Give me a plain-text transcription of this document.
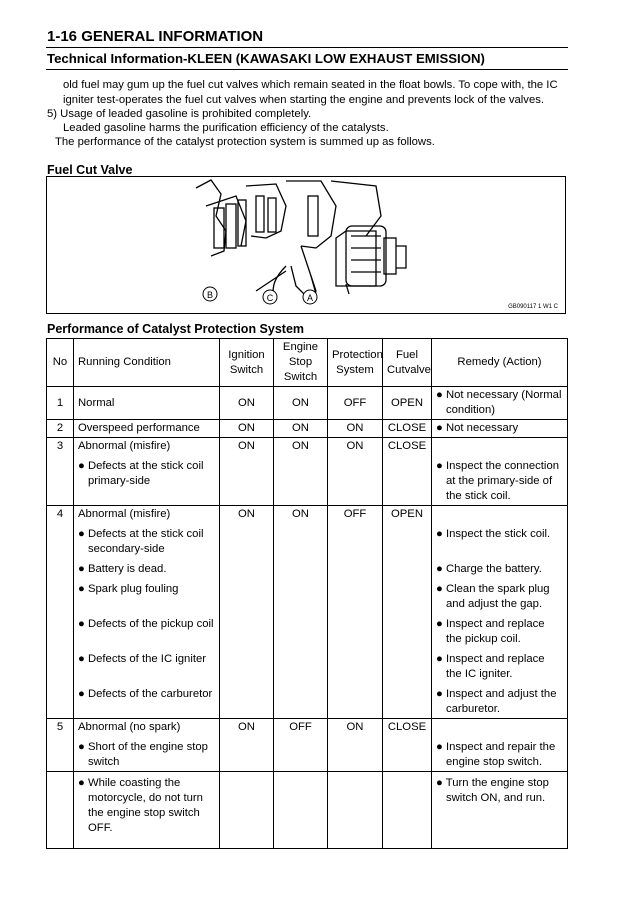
1-16 GENERAL INFORMATION
Technical Information-KLEEN (KAWASAKI LOW EXHAUST EMISSION)
old fuel may gum up the fuel cut valves which remain seated in the float bowls. To cope with, the IC
igniter test-operates the fuel cut valves when starting the engine and prevents lock of the valves.
5) Usage of leaded gasoline is prohibited completely.
Leaded gasoline harms the purification efficiency of the catalysts.
The performance of the catalyst protection system is summed up as follows.
Fuel Cut Valve
B	C	A
GB090117 1 W1 C
Performance of Catalyst Protection System
No	Running Condition	Ignition Switch	Engine Stop Switch	Protection System	Fuel Cutvalve	Remedy (Action)
1	Normal	ON	ON	OFF	OPEN	● Not necessary (Normal condition)

2	Overspeed performance	ON	ON	ON	CLOSE	● Not necessary
3	Abnormal (misfire)	ON	ON	ON	CLOSE	

	● Defects at the stick coil primary-side					● Inspect the connection at the primary-side of the stick coil.

4	Abnormal (misfire)	ON	ON	OFF	OPEN	

	● Defects at the stick coil secondary-side					● Inspect the stick coil.

	● Battery is dead.					● Charge the battery.

	● Spark plug fouling					● Clean the spark plug and adjust the gap.

	● Defects of the pickup coil					● Inspect and replace the pickup coil.

	● Defects of the IC igniter					● Inspect and replace the IC igniter.

	● Defects of the carburetor					● Inspect and adjust the carburetor.

5	Abnormal (no spark)	ON	OFF	ON	CLOSE	

	● Short of the engine stop switch					● Inspect and repair the engine stop switch.

	● While coasting the motorcycle, do not turn the engine stop switch OFF.					● Turn the engine stop switch ON, and run.
